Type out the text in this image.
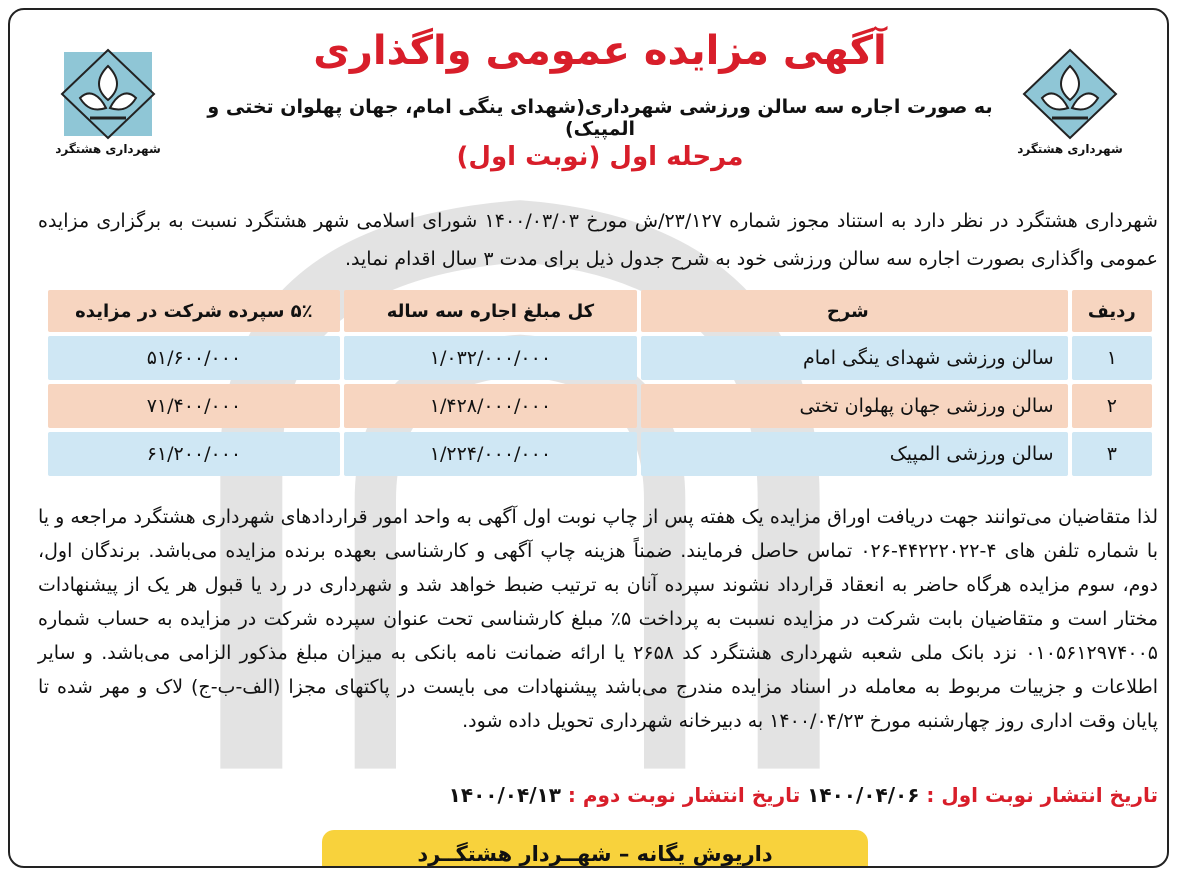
شهرداری هشتگرد	شهرداری هشتگرد
آگهی مزایده عمومی واگذاری
به صورت اجاره سه سالن ورزشی شهرداری(شهدای ینگی امام، جهان پهلوان تختی و المپیک)
مرحله اول (نوبت اول)
شهرداری هشتگرد در نظر دارد به استناد مجوز شماره ۲۳/۱۲۷/ش مورخ ۱۴۰۰/۰۳/۰۳ شورای اسلامی شهر هشتگرد نسبت به برگزاری مزایده عمومی واگذاری بصورت اجاره سه سالن ورزشی خود به شرح جدول ذیل برای مدت ۳ سال اقدام نماید.
ردیف	شرح	کل مبلغ اجاره سه ساله	۵٪ سپرده شرکت در مزایده
۱	سالن ورزشی شهدای ینگی امام	۱/۰۳۲/۰۰۰/۰۰۰	۵۱/۶۰۰/۰۰۰
۲	سالن ورزشی جهان پهلوان تختی	۱/۴۲۸/۰۰۰/۰۰۰	۷۱/۴۰۰/۰۰۰
۳	سالن ورزشی المپیک	۱/۲۲۴/۰۰۰/۰۰۰	۶۱/۲۰۰/۰۰۰
لذا متقاضیان می‌توانند جهت دریافت اوراق مزایده یک هفته پس از چاپ نوبت اول آگهی به واحد امور قراردادهای شهرداری هشتگرد مراجعه و یا با شماره تلفن های ۴-۴۴۲۲۲۰۲۲-۰۲۶ تماس حاصل فرمایند. ضمناً هزینه چاپ آگهی و کارشناسی بعهده برنده مزایده می‌باشد. برندگان اول، دوم، سوم مزایده هرگاه حاضر به انعقاد قرارداد نشوند سپرده آنان به ترتیب ضبط خواهد شد و شهرداری در رد یا قبول هر یک از پیشنهادات مختار است و متقاضیان بابت شرکت در مزایده نسبت به پرداخت ۵٪ مبلغ کارشناسی تحت عنوان سپرده شرکت در مزایده به حساب شماره ۰۱۰۵۶۱۲۹۷۴۰۰۵ نزد بانک ملی شعبه شهرداری هشتگرد کد ۲۶۵۸ یا ارائه ضمانت نامه بانکی به میزان مبلغ مذکور الزامی می‌باشد. و سایر اطلاعات و جزییات مربوط به معامله در اسناد مزایده مندرج می‌باشد پیشنهادات می بایست در پاکتهای مجزا (الف-ب-ج) لاک و مهر شده تا پایان وقت اداری روز چهارشنبه مورخ ۱۴۰۰/۰۴/۲۳ به دبیرخانه شهرداری تحویل داده شود.
تاریخ انتشار نوبت اول : ۱۴۰۰/۰۴/۰۶ تاریخ انتشار نوبت دوم : ۱۴۰۰/۰۴/۱۳
داریوش یگانه – شهــردار هشتگــرد
